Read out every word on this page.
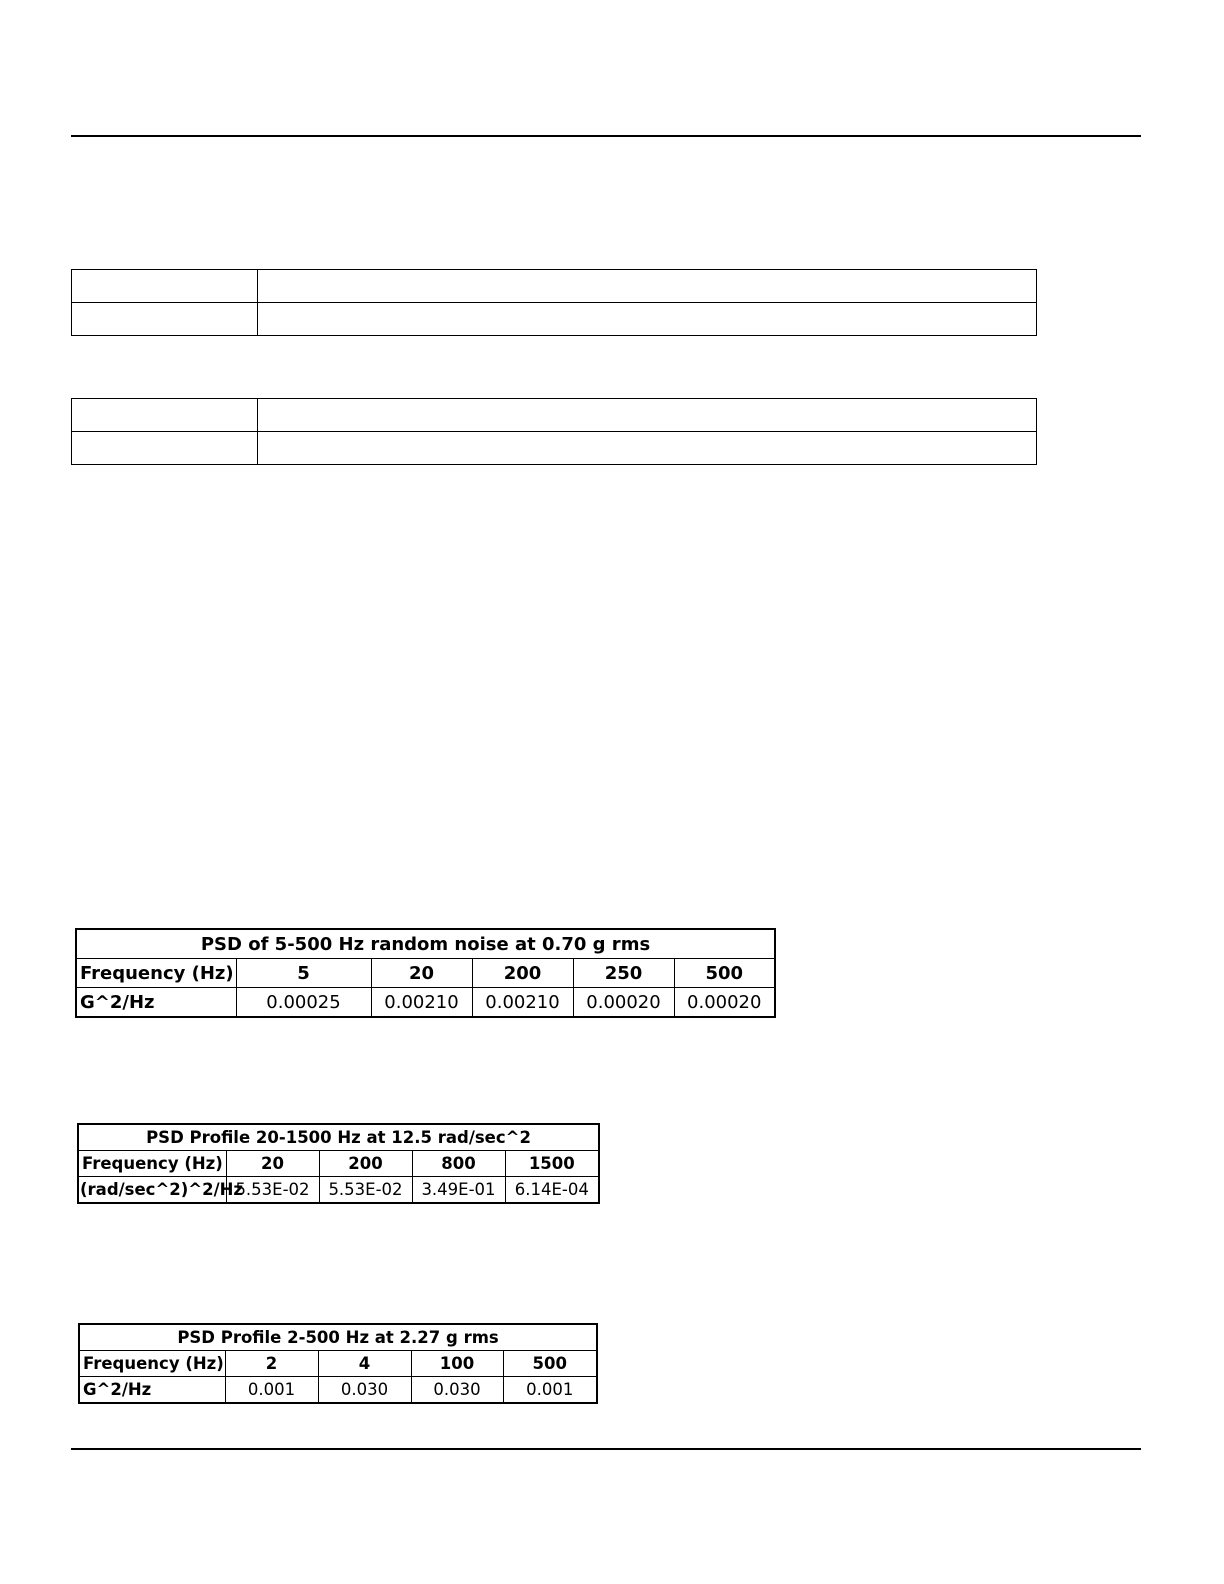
PSD of 5-500 Hz random noise at 0.70 g rms					
Frequency (Hz)	5	20	200	250	500
G^2/Hz	0.00025	0.00210	0.00210	0.00020	0.00020
PSD Profile 20-1500 Hz at 12.5 rad/sec^2				
Frequency (Hz)	20	200	800	1500
(rad/sec^2)^2/Hz	5.53E-02	5.53E-02	3.49E-01	6.14E-04
PSD Profile 2-500 Hz at 2.27 g rms				
Frequency (Hz)	2	4	100	500
G^2/Hz	0.001	0.030	0.030	0.001
